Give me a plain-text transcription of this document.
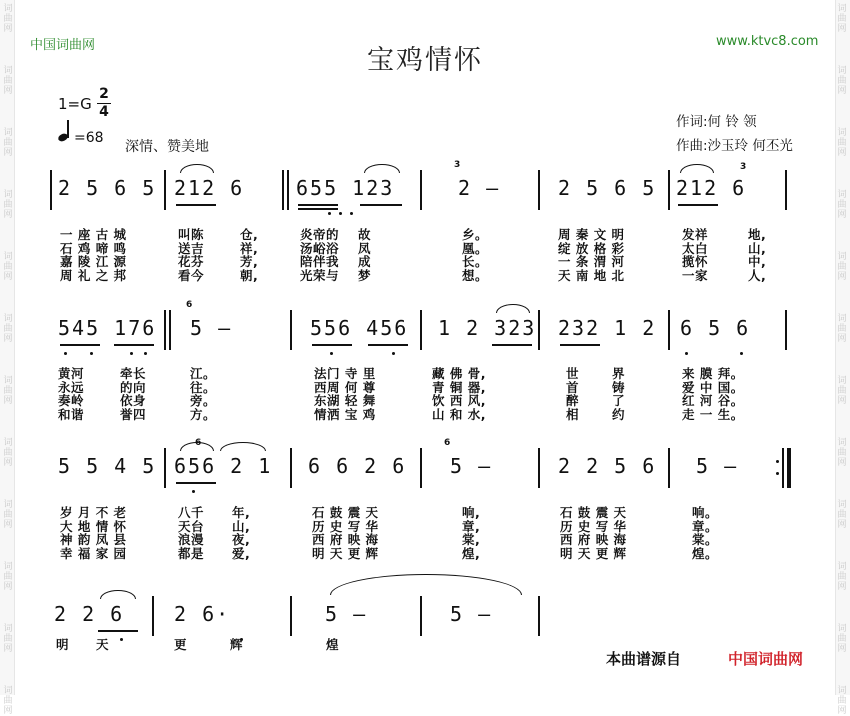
词
曲
网
词
曲
网
词
曲
网
词
曲
网
词
曲
网
词
曲
网
词
曲
网
词
曲
网
词
曲
网
词
曲
网
词
曲
网
词
曲
网
词
曲
网
词
曲
网
词
曲
网
词
曲
网
词
曲
网
词
曲
网
词
曲
网
词
曲
网
词
曲
网
词
曲
网
词
曲
网
词
曲
网
中国词曲网	www.ktvc8.com
宝鸡情怀
1=G
2
4
=68
深情、赞美地
作词:何 铃 领
作曲:沙玉玲 何丕光
2 5 6 5 212 6	655 123	2 –	2 5 6 5 212 6
3	3
一 座 古 城
石 鸡 啼 鸣
嘉 陵 江 源
周 礼 之 邦
叫陈
送吉
花芬
看今
仓,
祥,
芳,
朝,
炎帝的
汤峪浴
陪伴我
光荣与
故
凤
成
梦
乡。
凰。
长。
想。
周 秦 文 明
绽 放 格 彩
一 条 渭 河
天 南 地 北
发祥
太白
揽怀
一家
地,
山,
中,
人,
545 176 5 –	556 456 1 2 323 232 1 2 6 5 6
6
黄河
永远
奏岭
和谐
牵长
的向
依身
誉四
江。
往。
旁。
方。
法门 寺 里
西周 何 尊
东湖 轻 舞
情洒 宝 鸡
藏 佛 骨,
青 铜 器,
饮 西 风,
山 和 水,
世
首
醉
相
界
铸
了
约
来 膜 拜。
爱 中 国。
红 河 谷。
走 一 生。
5 5 4 5 656 2 1 6 6 2 6 5 –	2 2 5 6 5 –
6	6
岁 月 不 老
大 地 情 怀
神 韵 凤 县
幸 福 家 园
八千
天台
浪漫
都是
年,
山,
夜,
爱,
石 鼓 震 天
历 史 写 华
西 府 映 海
明 天 更 辉
响,
章,
棠,
煌,
石 鼓 震 天
历 史 写 华
西 府 映 海
明 天 更 辉
响。
章。
棠。
煌。
2 2 6 2 6·	5 –	5 –
明 天	更	辉	煌
本曲谱源自	中国词曲网
